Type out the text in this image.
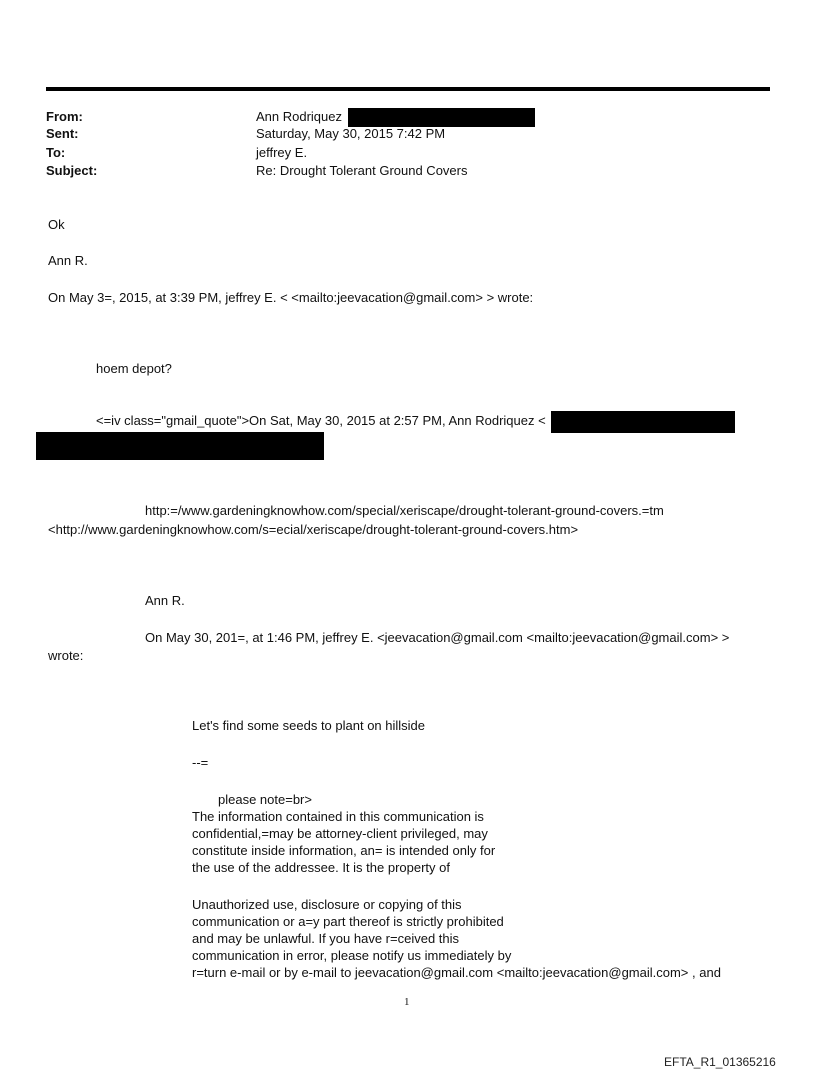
From:	Ann Rodriquez
Sent:	Saturday, May 30, 2015 7:42 PM
To:	jeffrey E.
Subject:	Re: Drought Tolerant Ground Covers
Ok
Ann R.
On May 3=, 2015, at 3:39 PM, jeffrey E. < <mailto:jeevacation@gmail.com> > wrote:
hoem depot?
<=iv class="gmail_quote">On Sat, May 30, 2015 at 2:57 PM, Ann Rodriquez <
http:=/www.gardeningknowhow.com/special/xeriscape/drought-tolerant-ground-covers.=tm
<http://www.gardeningknowhow.com/s=ecial/xeriscape/drought-tolerant-ground-covers.htm>
Ann R.
On May 30, 201=, at 1:46 PM, jeffrey E. <jeevacation@gmail.com <mailto:jeevacation@gmail.com> >
wrote:
Let's find some seeds to plant on hillside
--=
please note=br>
The information contained in this communication is
confidential,=may be attorney-client privileged, may
constitute inside information, an= is intended only for
the use of the addressee. It is the property of
Unauthorized use, disclosure or copying of this
communication or a=y part thereof is strictly prohibited
and may be unlawful. If you have r=ceived this
communication in error, please notify us immediately by
r=turn e-mail or by e-mail to jeevacation@gmail.com <mailto:jeevacation@gmail.com> , and
1
EFTA_R1_01365216
